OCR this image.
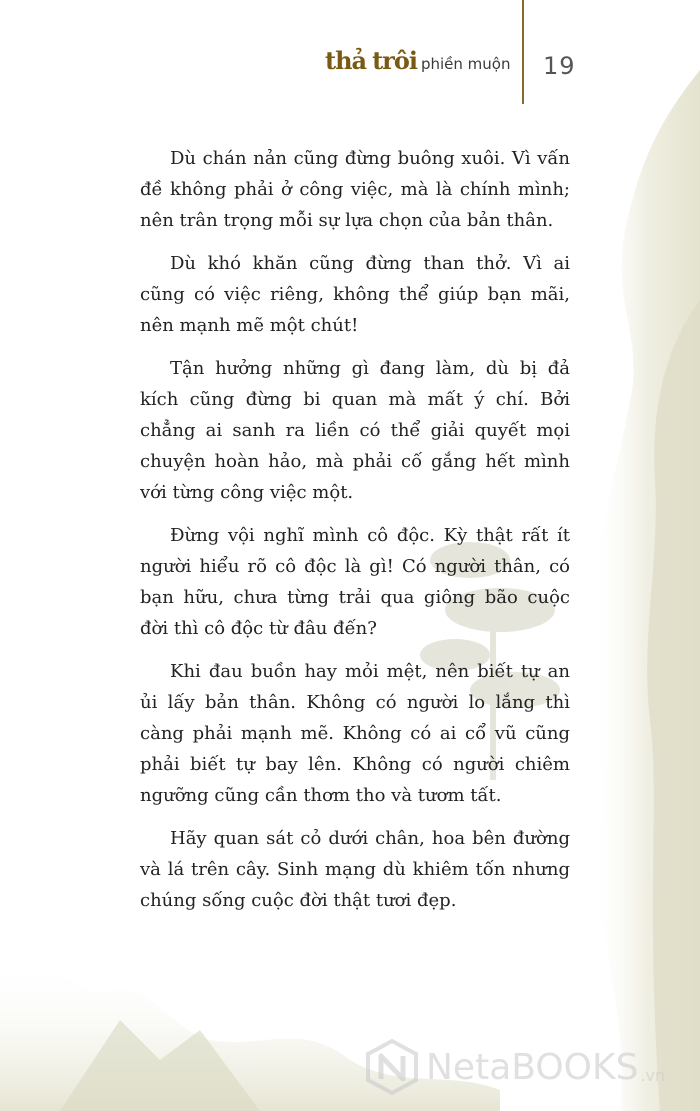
thả trôi phiền muộn 19

Dù chán nản cũng đừng buông xuôi. Vì vấn đề không phải ở công việc, mà là chính mình; nên trân trọng mỗi sự lựa chọn của bản thân.

Dù khó khăn cũng đừng than thở. Vì ai cũng có việc riêng, không thể giúp bạn mãi, nên mạnh mẽ một chút!

Tận hưởng những gì đang làm, dù bị đả kích cũng đừng bi quan mà mất ý chí. Bởi chẳng ai sanh ra liền có thể giải quyết mọi chuyện hoàn hảo, mà phải cố gắng hết mình với từng công việc một.

Đừng vội nghĩ mình cô độc. Kỳ thật rất ít người hiểu rõ cô độc là gì! Có người thân, có bạn hữu, chưa từng trải qua giông bão cuộc đời thì cô độc từ đâu đến?

Khi đau buồn hay mỏi mệt, nên biết tự an ủi lấy bản thân. Không có người lo lắng thì càng phải mạnh mẽ. Không có ai cổ vũ cũng phải biết tự bay lên. Không có người chiêm ngưỡng cũng cần thơm tho và tươm tất.

Hãy quan sát cỏ dưới chân, hoa bên đường và lá trên cây. Sinh mạng dù khiêm tốn nhưng chúng sống cuộc đời thật tươi đẹp.

NetaBOOKS .vn
